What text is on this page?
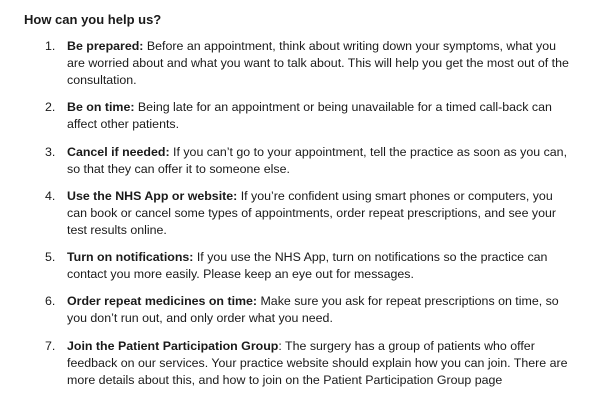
How can you help us?
1. Be prepared: Before an appointment, think about writing down your symptoms, what you are worried about and what you want to talk about. This will help you get the most out of the consultation.
2. Be on time: Being late for an appointment or being unavailable for a timed call-back can affect other patients.
3. Cancel if needed: If you can’t go to your appointment, tell the practice as soon as you can, so that they can offer it to someone else.
4. Use the NHS App or website: If you’re confident using smart phones or computers, you can book or cancel some types of appointments, order repeat prescriptions, and see your test results online.
5. Turn on notifications: If you use the NHS App, turn on notifications so the practice can contact you more easily. Please keep an eye out for messages.
6. Order repeat medicines on time: Make sure you ask for repeat prescriptions on time, so you don’t run out, and only order what you need.
7. Join the Patient Participation Group: The surgery has a group of patients who offer feedback on our services. Your practice website should explain how you can join. There are more details about this, and how to join on the Patient Participation Group page
